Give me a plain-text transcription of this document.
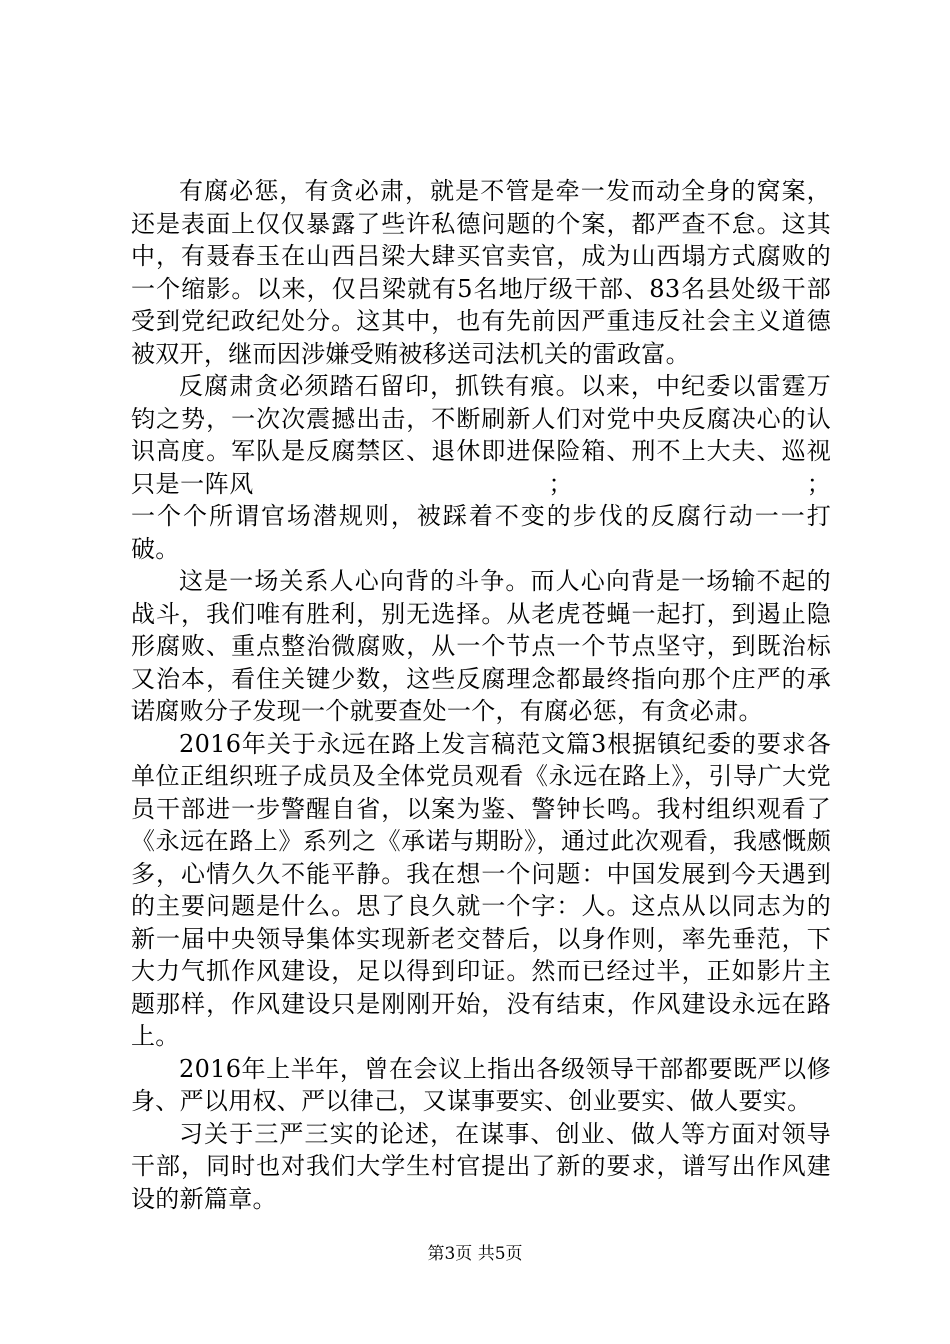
有腐必惩，有贪必肃，就是不管是牵一发而动全身的窝案，还是表面上仅仅暴露了些许私德问题的个案，都严查不怠。这其中，有聂春玉在山西吕梁大肆买官卖官，成为山西塌方式腐败的一个缩影。以来，仅吕梁就有5名地厅级干部、83名县处级干部受到党纪政纪处分。这其中，也有先前因严重违反社会主义道德被双开，继而因涉嫌受贿被移送司法机关的雷政富。

反腐肃贪必须踏石留印，抓铁有痕。以来，中纪委以雷霆万钧之势，一次次震撼出击，不断刷新人们对党中央反腐决心的认识高度。军队是反腐禁区、退休即进保险箱、刑不上大夫、巡视只是一阵风　　　　　　　　　　　　；　　　　　　　　　　；一个个所谓官场潜规则，被踩着不变的步伐的反腐行动一一打破。

这是一场关系人心向背的斗争。而人心向背是一场输不起的战斗，我们唯有胜利，别无选择。从老虎苍蝇一起打，到遏止隐形腐败、重点整治微腐败，从一个节点一个节点坚守，到既治标又治本，看住关键少数，这些反腐理念都最终指向那个庄严的承诺腐败分子发现一个就要查处一个，有腐必惩，有贪必肃。

2016年关于永远在路上发言稿范文篇3根据镇纪委的要求各单位正组织班子成员及全体党员观看《永远在路上》，引导广大党员干部进一步警醒自省，以案为鉴、警钟长鸣。我村组织观看了《永远在路上》系列之《承诺与期盼》，通过此次观看，我感慨颇多，心情久久不能平静。我在想一个问题：中国发展到今天遇到的主要问题是什么。思了良久就一个字：人。这点从以同志为的新一届中央领导集体实现新老交替后，以身作则，率先垂范，下大力气抓作风建设，足以得到印证。然而已经过半，正如影片主题那样，作风建设只是刚刚开始，没有结束，作风建设永远在路上。

2016年上半年，曾在会议上指出各级领导干部都要既严以修身、严以用权、严以律己，又谋事要实、创业要实、做人要实。

习关于三严三实的论述，在谋事、创业、做人等方面对领导干部，同时也对我们大学生村官提出了新的要求，谱写出作风建设的新篇章。

第3页 共5页
